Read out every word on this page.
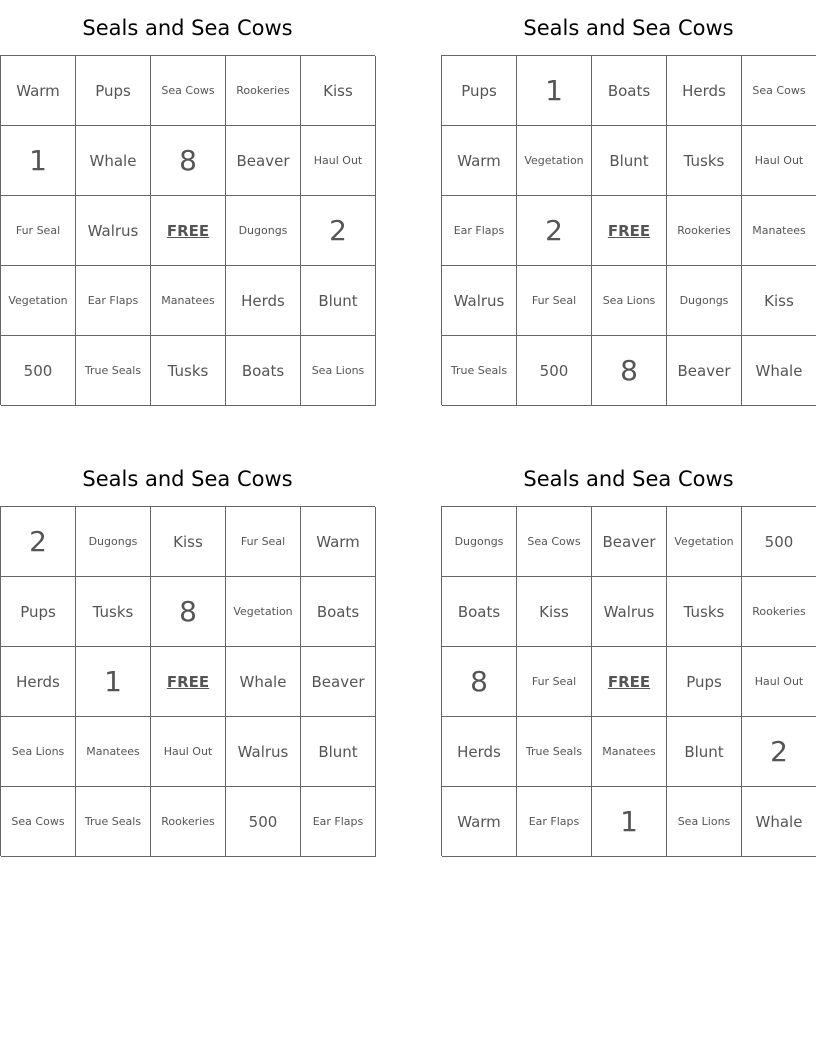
Seals and Sea Cows
Warm	Pups	Sea Cows	Rookeries	Kiss
1	Whale	8	Beaver	Haul Out
Fur Seal	Walrus	FREE	Dugongs	2
Vegetation	Ear Flaps	Manatees	Herds	Blunt
500	True Seals	Tusks	Boats	Sea Lions
Seals and Sea Cows
Pups	1	Boats	Herds	Sea Cows
Warm	Vegetation	Blunt	Tusks	Haul Out
Ear Flaps	2	FREE	Rookeries	Manatees
Walrus	Fur Seal	Sea Lions	Dugongs	Kiss
True Seals	500	8	Beaver	Whale
Seals and Sea Cows
2	Dugongs	Kiss	Fur Seal	Warm
Pups	Tusks	8	Vegetation	Boats
Herds	1	FREE	Whale	Beaver
Sea Lions	Manatees	Haul Out	Walrus	Blunt
Sea Cows	True Seals	Rookeries	500	Ear Flaps
Seals and Sea Cows
Dugongs	Sea Cows	Beaver	Vegetation	500
Boats	Kiss	Walrus	Tusks	Rookeries
8	Fur Seal	FREE	Pups	Haul Out
Herds	True Seals	Manatees	Blunt	2
Warm	Ear Flaps	1	Sea Lions	Whale
